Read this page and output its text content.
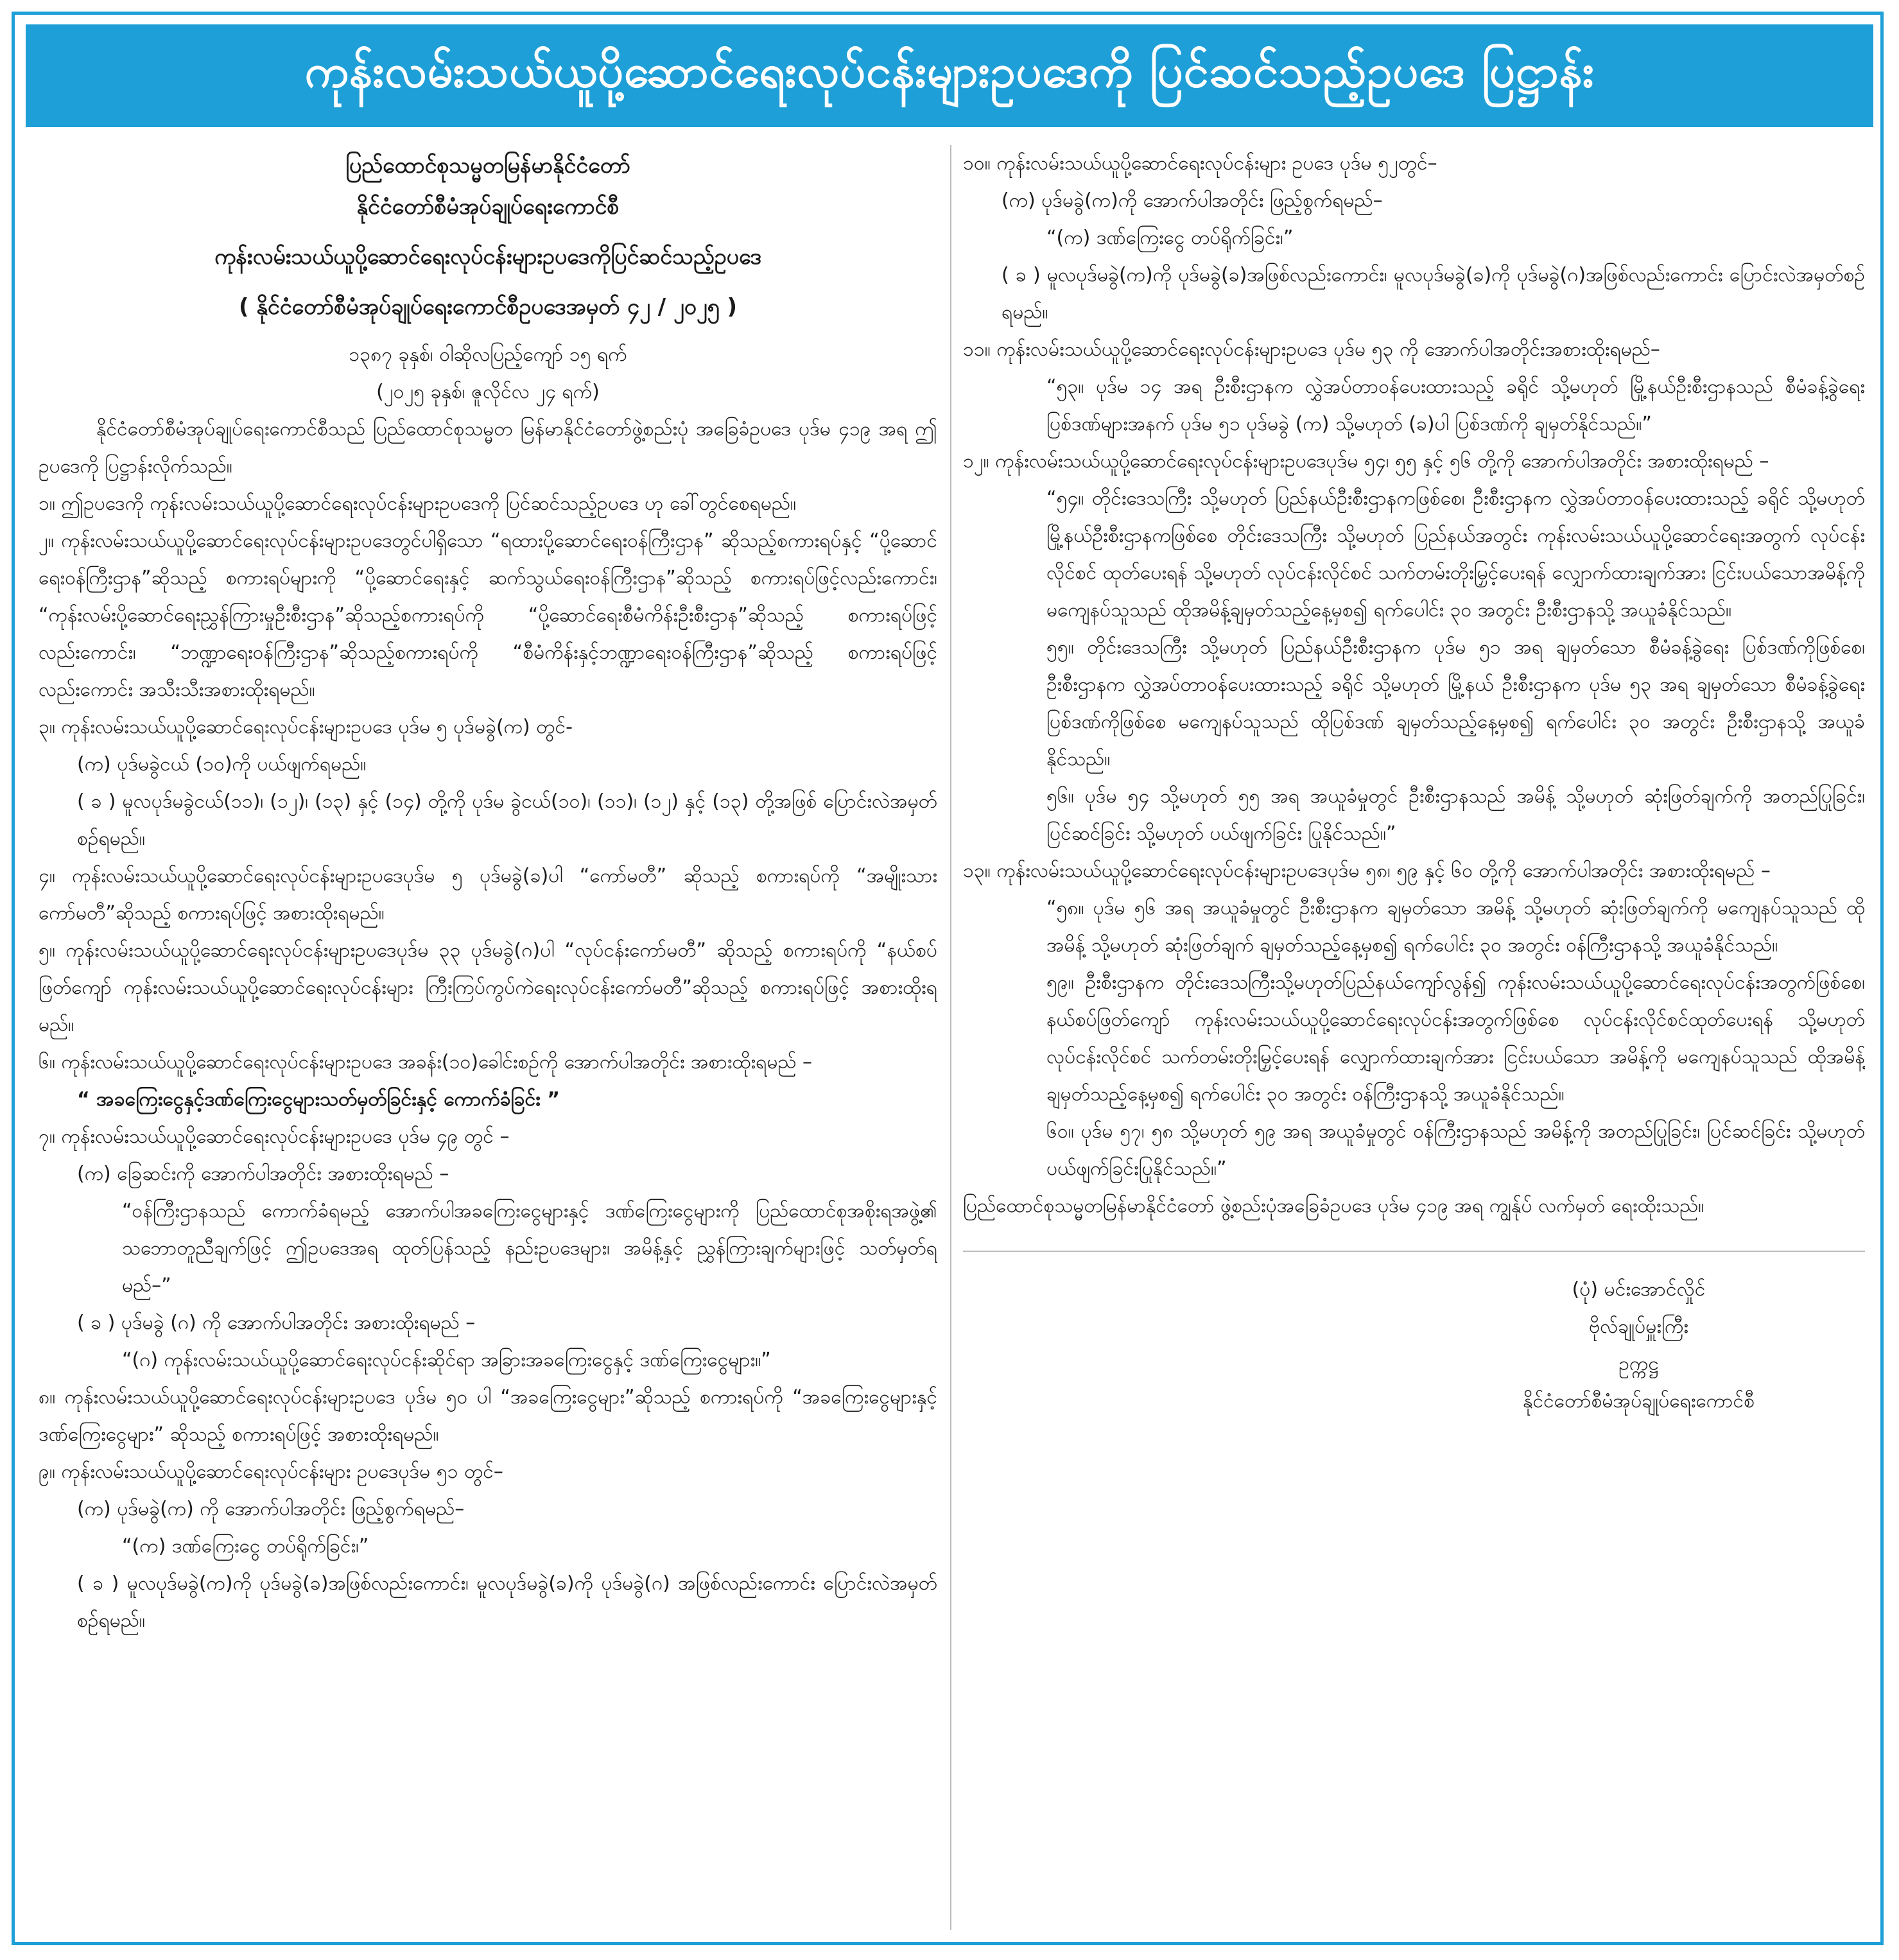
ကုန်းလမ်းသယ်ယူပို့ဆောင်ရေးလုပ်ငန်းများဥပဒေကို ပြင်ဆင်သည့်ဥပဒေ ပြဋ္ဌာန်း
ပြည်ထောင်စုသမ္မတမြန်မာနိုင်ငံတော်
နိုင်ငံတော်စီမံအုပ်ချုပ်ရေးကောင်စီ
ကုန်းလမ်းသယ်ယူပို့ဆောင်ရေးလုပ်ငန်းများဥပဒေကိုပြင်ဆင်သည့်ဥပဒေ
( နိုင်ငံတော်စီမံအုပ်ချုပ်ရေးကောင်စီဥပဒေအမှတ် ၄၂ / ၂၀၂၅ )
၁၃၈၇ ခုနှစ်၊ ဝါဆိုလပြည့်ကျော် ၁၅ ရက်
(၂၀၂၅ ခုနှစ်၊ ဇူလိုင်လ ၂၄ ရက်)

နိုင်ငံတော်စီမံအုပ်ချုပ်ရေးကောင်စီသည် ပြည်ထောင်စုသမ္မတ မြန်မာနိုင်ငံတော်ဖွဲ့စည်းပုံ အခြေခံဥပဒေ ပုဒ်မ ၄၁၉ အရ ဤဥပဒေကို ပြဋ္ဌာန်းလိုက်သည်။

၁။ ဤဥပဒေကို ကုန်းလမ်းသယ်ယူပို့ဆောင်ရေးလုပ်ငန်းများဥပဒေကို ပြင်ဆင်သည့်ဥပဒေ ဟု ခေါ်တွင်စေရမည်။

၂။ ကုန်းလမ်းသယ်ယူပို့ဆောင်ရေးလုပ်ငန်းများဥပဒေတွင်ပါရှိသော “ရထားပို့ဆောင်ရေးဝန်ကြီးဌာန” ဆိုသည့်စကားရပ်နှင့် “ပို့ဆောင်ရေးဝန်ကြီးဌာန”ဆိုသည့် စကားရပ်များကို “ပို့ဆောင်ရေးနှင့် ဆက်သွယ်ရေးဝန်ကြီးဌာန”ဆိုသည့် စကားရပ်ဖြင့်လည်းကောင်း၊ “ကုန်းလမ်းပို့ဆောင်ရေးညွှန်ကြားမှုဦးစီးဌာန”ဆိုသည့်စကားရပ်ကို “ပို့ဆောင်ရေးစီမံကိန်းဦးစီးဌာန”ဆိုသည့် စကားရပ်ဖြင့်လည်းကောင်း၊ “ဘဏ္ဍာရေးဝန်ကြီးဌာန”ဆိုသည့်စကားရပ်ကို “စီမံကိန်းနှင့်ဘဏ္ဍာရေးဝန်ကြီးဌာန”ဆိုသည့် စကားရပ်ဖြင့်လည်းကောင်း အသီးသီးအစားထိုးရမည်။

၃။ ကုန်းလမ်းသယ်ယူပို့ဆောင်ရေးလုပ်ငန်းများဥပဒေ ပုဒ်မ ၅ ပုဒ်မခွဲ(က) တွင်-

(က) ပုဒ်မခွဲငယ် (၁၀)ကို ပယ်ဖျက်ရမည်။

( ခ ) မူလပုဒ်မခွဲငယ်(၁၁)၊ (၁၂)၊ (၁၃) နှင့် (၁၄) တို့ကို ပုဒ်မ ခွဲငယ်(၁၀)၊ (၁၁)၊ (၁၂) နှင့် (၁၃) တို့အဖြစ် ပြောင်းလဲအမှတ်စဉ်ရမည်။

၄။ ကုန်းလမ်းသယ်ယူပို့ဆောင်ရေးလုပ်ငန်းများဥပဒေပုဒ်မ ၅ ပုဒ်မခွဲ(ခ)ပါ “ကော်မတီ” ဆိုသည့် စကားရပ်ကို “အမျိုးသားကော်မတီ”ဆိုသည့် စကားရပ်ဖြင့် အစားထိုးရမည်။

၅။ ကုန်းလမ်းသယ်ယူပို့ဆောင်ရေးလုပ်ငန်းများဥပဒေပုဒ်မ ၃၃ ပုဒ်မခွဲ(ဂ)ပါ “လုပ်ငန်းကော်မတီ” ဆိုသည့် စကားရပ်ကို “နယ်စပ်ဖြတ်ကျော် ကုန်းလမ်းသယ်ယူပို့ဆောင်ရေးလုပ်ငန်းများ ကြီးကြပ်ကွပ်ကဲရေးလုပ်ငန်းကော်မတီ”ဆိုသည့် စကားရပ်ဖြင့် အစားထိုးရမည်။

၆။ ကုန်းလမ်းသယ်ယူပို့ဆောင်ရေးလုပ်ငန်းများဥပဒေ အခန်း(၁၀)ခေါင်းစဉ်ကို အောက်ပါအတိုင်း အစားထိုးရမည် –

“ အခကြေးငွေနှင့်ဒဏ်ကြေးငွေများသတ်မှတ်ခြင်းနှင့် ကောက်ခံခြင်း ”

၇။ ကုန်းလမ်းသယ်ယူပို့ဆောင်ရေးလုပ်ငန်းများဥပဒေ ပုဒ်မ ၄၉ တွင် –

(က) ခြေဆင်းကို အောက်ပါအတိုင်း အစားထိုးရမည် –

“ဝန်ကြီးဌာနသည် ကောက်ခံရမည့် အောက်ပါအခကြေးငွေများနှင့် ဒဏ်ကြေးငွေများကို ပြည်ထောင်စုအစိုးရအဖွဲ့၏ သဘောတူညီချက်ဖြင့် ဤဥပဒေအရ ထုတ်ပြန်သည့် နည်းဥပဒေများ၊ အမိန့်နှင့် ညွှန်ကြားချက်များဖြင့် သတ်မှတ်ရမည်–”

( ခ ) ပုဒ်မခွဲ (ဂ) ကို အောက်ပါအတိုင်း အစားထိုးရမည် –

“(ဂ) ကုန်းလမ်းသယ်ယူပို့ဆောင်ရေးလုပ်ငန်းဆိုင်ရာ အခြားအခကြေးငွေနှင့် ဒဏ်ကြေးငွေများ။”

၈။ ကုန်းလမ်းသယ်ယူပို့ဆောင်ရေးလုပ်ငန်းများဥပဒေ ပုဒ်မ ၅၀ ပါ “အခကြေးငွေများ”ဆိုသည့် စကားရပ်ကို “အခကြေးငွေများနှင့် ဒဏ်ကြေးငွေများ” ဆိုသည့် စကားရပ်ဖြင့် အစားထိုးရမည်။

၉။ ကုန်းလမ်းသယ်ယူပို့ဆောင်ရေးလုပ်ငန်းများ ဥပဒေပုဒ်မ ၅၁ တွင်–

(က) ပုဒ်မခွဲ(က) ကို အောက်ပါအတိုင်း ဖြည့်စွက်ရမည်–

“(က) ဒဏ်ကြေးငွေ တပ်ရိုက်ခြင်း၊”

( ခ ) မူလပုဒ်မခွဲ(က)ကို ပုဒ်မခွဲ(ခ)အဖြစ်လည်းကောင်း၊ မူလပုဒ်မခွဲ(ခ)ကို ပုဒ်မခွဲ(ဂ) အဖြစ်လည်းကောင်း ပြောင်းလဲအမှတ်စဉ်ရမည်။

၁၀။ ကုန်းလမ်းသယ်ယူပို့ဆောင်ရေးလုပ်ငန်းများ ဥပဒေ ပုဒ်မ ၅၂တွင်–

(က) ပုဒ်မခွဲ(က)ကို အောက်ပါအတိုင်း ဖြည့်စွက်ရမည်–

“(က) ဒဏ်ကြေးငွေ တပ်ရိုက်ခြင်း၊”

( ခ ) မူလပုဒ်မခွဲ(က)ကို ပုဒ်မခွဲ(ခ)အဖြစ်လည်းကောင်း၊ မူလပုဒ်မခွဲ(ခ)ကို ပုဒ်မခွဲ(ဂ)အဖြစ်လည်းကောင်း ပြောင်းလဲအမှတ်စဉ်ရမည်။

၁၁။ ကုန်းလမ်းသယ်ယူပို့ဆောင်ရေးလုပ်ငန်းများဥပဒေ ပုဒ်မ ၅၃ ကို အောက်ပါအတိုင်းအစားထိုးရမည်–

“၅၃။ ပုဒ်မ ၁၄ အရ ဦးစီးဌာနက လွှဲအပ်တာဝန်ပေးထားသည့် ခရိုင် သို့မဟုတ် မြို့နယ်ဦးစီးဌာနသည် စီမံခန့်ခွဲရေး ပြစ်ဒဏ်များအနက် ပုဒ်မ ၅၁ ပုဒ်မခွဲ (က) သို့မဟုတ် (ခ)ပါ ပြစ်ဒဏ်ကို ချမှတ်နိုင်သည်။”

၁၂။ ကုန်းလမ်းသယ်ယူပို့ဆောင်ရေးလုပ်ငန်းများဥပဒေပုဒ်မ ၅၄၊ ၅၅ နှင့် ၅၆ တို့ကို အောက်ပါအတိုင်း အစားထိုးရမည် –

“၅၄။ တိုင်းဒေသကြီး သို့မဟုတ် ပြည်နယ်ဦးစီးဌာနကဖြစ်စေ၊ ဦးစီးဌာနက လွှဲအပ်တာဝန်ပေးထားသည့် ခရိုင် သို့မဟုတ် မြို့နယ်ဦးစီးဌာနကဖြစ်စေ တိုင်းဒေသကြီး သို့မဟုတ် ပြည်နယ်အတွင်း ကုန်းလမ်းသယ်ယူပို့ဆောင်ရေးအတွက် လုပ်ငန်းလိုင်စင် ထုတ်ပေးရန် သို့မဟုတ် လုပ်ငန်းလိုင်စင် သက်တမ်းတိုးမြှင့်ပေးရန် လျှောက်ထားချက်အား ငြင်းပယ်သောအမိန့်ကို မကျေနပ်သူသည် ထိုအမိန့်ချမှတ်သည့်နေ့မှစ၍ ရက်ပေါင်း ၃၀ အတွင်း ဦးစီးဌာနသို့ အယူခံနိုင်သည်။

၅၅။ တိုင်းဒေသကြီး သို့မဟုတ် ပြည်နယ်ဦးစီးဌာနက ပုဒ်မ ၅၁ အရ ချမှတ်သော စီမံခန့်ခွဲရေး ပြစ်ဒဏ်ကိုဖြစ်စေ၊ ဦးစီးဌာနက လွှဲအပ်တာဝန်ပေးထားသည့် ခရိုင် သို့မဟုတ် မြို့နယ် ဦးစီးဌာနက ပုဒ်မ ၅၃ အရ ချမှတ်သော စီမံခန့်ခွဲရေး ပြစ်ဒဏ်ကိုဖြစ်စေ မကျေနပ်သူသည် ထိုပြစ်ဒဏ် ချမှတ်သည့်နေ့မှစ၍ ရက်ပေါင်း ၃၀ အတွင်း ဦးစီးဌာနသို့ အယူခံနိုင်သည်။

၅၆။ ပုဒ်မ ၅၄ သို့မဟုတ် ၅၅ အရ အယူခံမှုတွင် ဦးစီးဌာနသည် အမိန့် သို့မဟုတ် ဆုံးဖြတ်ချက်ကို အတည်ပြုခြင်း၊ ပြင်ဆင်ခြင်း သို့မဟုတ် ပယ်ဖျက်ခြင်း ပြုနိုင်သည်။”

၁၃။ ကုန်းလမ်းသယ်ယူပို့ဆောင်ရေးလုပ်ငန်းများဥပဒေပုဒ်မ ၅၈၊ ၅၉ နှင့် ၆၀ တို့ကို အောက်ပါအတိုင်း အစားထိုးရမည် –

“၅၈။ ပုဒ်မ ၅၆ အရ အယူခံမှုတွင် ဦးစီးဌာနက ချမှတ်သော အမိန့် သို့မဟုတ် ဆုံးဖြတ်ချက်ကို မကျေနပ်သူသည် ထိုအမိန့် သို့မဟုတ် ဆုံးဖြတ်ချက် ချမှတ်သည့်နေ့မှစ၍ ရက်ပေါင်း ၃၀ အတွင်း ဝန်ကြီးဌာနသို့ အယူခံနိုင်သည်။

၅၉။ ဦးစီးဌာနက တိုင်းဒေသကြီးသို့မဟုတ်ပြည်နယ်ကျော်လွန်၍ ကုန်းလမ်းသယ်ယူပို့ဆောင်ရေးလုပ်ငန်းအတွက်ဖြစ်စေ၊ နယ်စပ်ဖြတ်ကျော် ကုန်းလမ်းသယ်ယူပို့ဆောင်ရေးလုပ်ငန်းအတွက်ဖြစ်စေ လုပ်ငန်းလိုင်စင်ထုတ်ပေးရန် သို့မဟုတ် လုပ်ငန်းလိုင်စင် သက်တမ်းတိုးမြှင့်ပေးရန် လျှောက်ထားချက်အား ငြင်းပယ်သော အမိန့်ကို မကျေနပ်သူသည် ထိုအမိန့်ချမှတ်သည့်နေ့မှစ၍ ရက်ပေါင်း ၃၀ အတွင်း ဝန်ကြီးဌာနသို့ အယူခံနိုင်သည်။

၆၀။ ပုဒ်မ ၅၇၊ ၅၈ သို့မဟုတ် ၅၉ အရ အယူခံမှုတွင် ဝန်ကြီးဌာနသည် အမိန့်ကို အတည်ပြုခြင်း၊ ပြင်ဆင်ခြင်း သို့မဟုတ် ပယ်ဖျက်ခြင်းပြုနိုင်သည်။”

ပြည်ထောင်စုသမ္မတမြန်မာနိုင်ငံတော် ဖွဲ့စည်းပုံအခြေခံဥပဒေ ပုဒ်မ ၄၁၉ အရ ကျွန်ုပ် လက်မှတ် ရေးထိုးသည်။

(ပုံ) မင်းအောင်လှိုင်
ဗိုလ်ချုပ်မှူးကြီး
ဥက္ကဋ္ဌ
နိုင်ငံတော်စီမံအုပ်ချုပ်ရေးကောင်စီ
